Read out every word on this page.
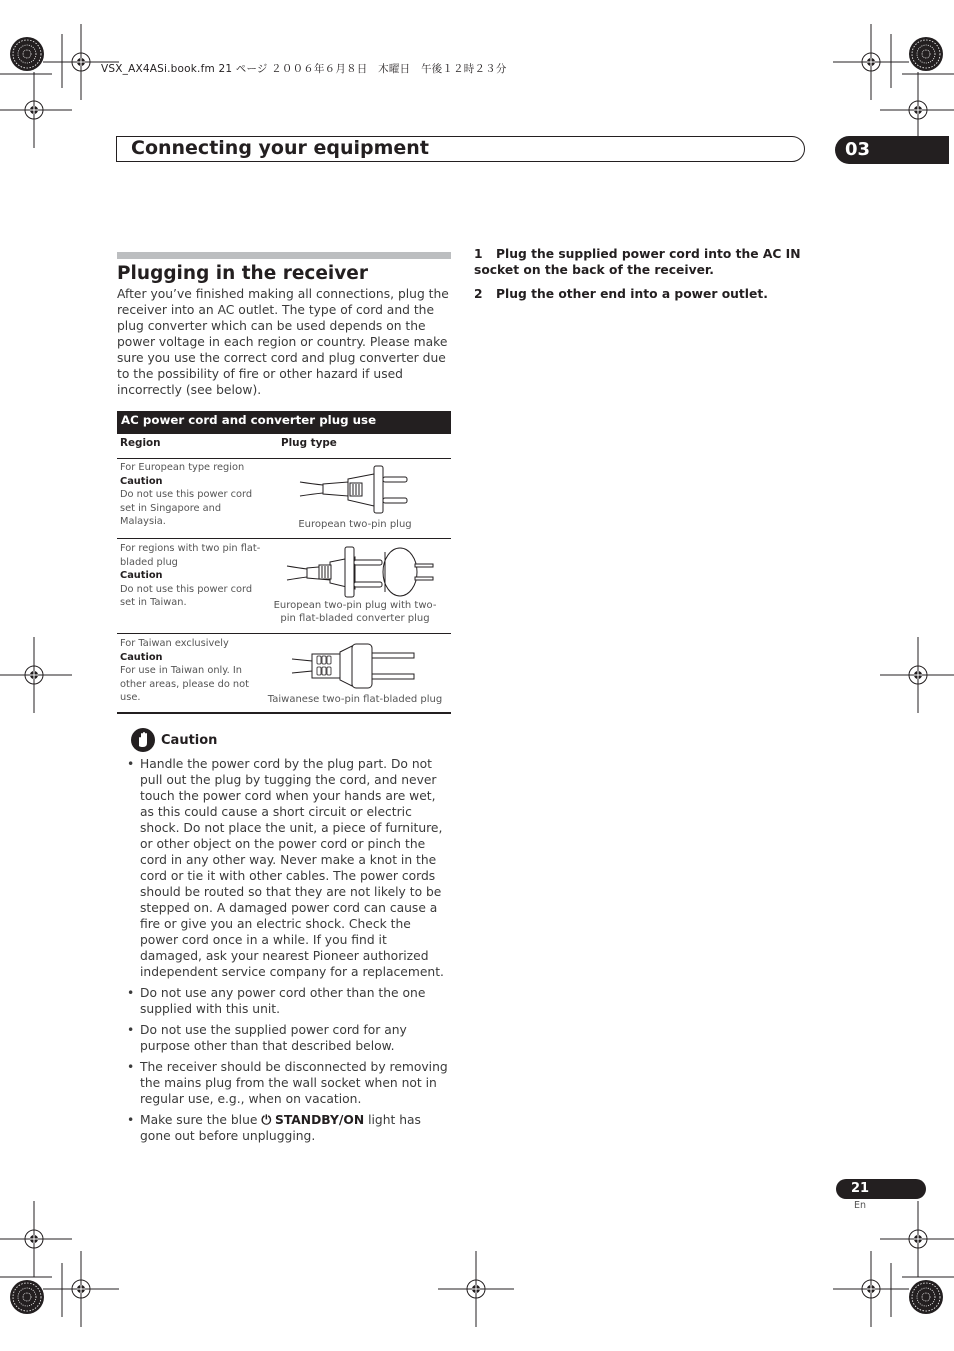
VSX_AX4ASi.book.fm 21 ページ ２００６年６月８日　木曜日　午後１２時２３分
Connecting your equipment	03
Plugging in the receiver

After you’ve finished making all connections, plug the receiver into an AC outlet. The type of cord and the plug converter which can be used depends on the power voltage in each region or country. Please make sure you use the correct cord and plug converter due to the possibility of fire or other hazard if used incorrectly (see below).

AC power cord and converter plug use
Region	Plug type
For European type region
Caution
Do not use this power cord set in Singapore and Malaysia.	European two-pin plug
For regions with two pin flat-bladed plug
Caution
Do not use this power cord set in Taiwan.	European two-pin plug with two-pin flat-bladed converter plug
For Taiwan exclusively
Caution
For use in Taiwan only. In other areas, please do not use.	Taiwanese two-pin flat-bladed plug
Caution
• Handle the power cord by the plug part. Do not pull out the plug by tugging the cord, and never touch the power cord when your hands are wet, as this could cause a short circuit or electric shock. Do not place the unit, a piece of furniture, or other object on the power cord or pinch the cord in any other way. Never make a knot in the cord or tie it with other cables. The power cords should be routed so that they are not likely to be stepped on. A damaged power cord can cause a fire or give you an electric shock. Check the power cord once in a while. If you find it damaged, ask your nearest Pioneer authorized independent service company for a replacement.
• Do not use any power cord other than the one supplied with this unit.
• Do not use the supplied power cord for any purpose other than that described below.
• The receiver should be disconnected by removing the mains plug from the wall socket when not in regular use, e.g., when on vacation.
• Make sure the blue ⏻ STANDBY/ON light has gone out before unplugging.

1 Plug the supplied power cord into the AC IN socket on the back of the receiver.

2 Plug the other end into a power outlet.

21
En
